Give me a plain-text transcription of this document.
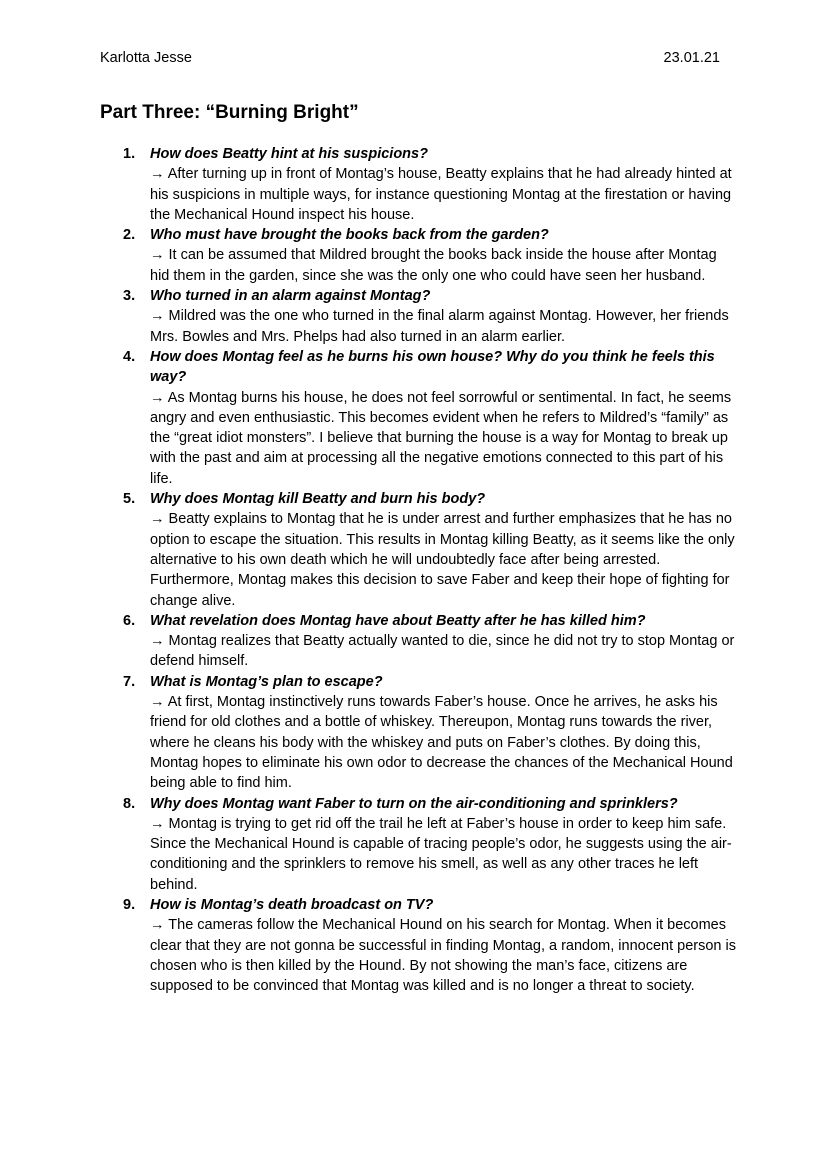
Karlotta Jesse	23.01.21
Part Three: “Burning Bright”
1. How does Beatty hint at his suspicions?
→ After turning up in front of Montag’s house, Beatty explains that he had already hinted at his suspicions in multiple ways, for instance questioning Montag at the firestation or having the Mechanical Hound inspect his house.
2. Who must have brought the books back from the garden?
→ It can be assumed that Mildred brought the books back inside the house after Montag hid them in the garden, since she was the only one who could have seen her husband.
3. Who turned in an alarm against Montag?
→ Mildred was the one who turned in the final alarm against Montag. However, her friends Mrs. Bowles and Mrs. Phelps had also turned in an alarm earlier.
4. How does Montag feel as he burns his own house? Why do you think he feels this way?
→ As Montag burns his house, he does not feel sorrowful or sentimental. In fact, he seems angry and even enthusiastic. This becomes evident when he refers to Mildred’s “family” as the “great idiot monsters”. I believe that burning the house is a way for Montag to break up with the past and aim at processing all the negative emotions connected to this part of his life.
5. Why does Montag kill Beatty and burn his body?
→ Beatty explains to Montag that he is under arrest and further emphasizes that he has no option to escape the situation. This results in Montag killing Beatty, as it seems like the only alternative to his own death which he will undoubtedly face after being arrested. Furthermore, Montag makes this decision to save Faber and keep their hope of fighting for change alive.
6. What revelation does Montag have about Beatty after he has killed him?
→ Montag realizes that Beatty actually wanted to die, since he did not try to stop Montag or defend himself.
7. What is Montag’s plan to escape?
→ At first, Montag instinctively runs towards Faber’s house. Once he arrives, he asks his friend for old clothes and a bottle of whiskey. Thereupon, Montag runs towards the river, where he cleans his body with the whiskey and puts on Faber’s clothes. By doing this, Montag hopes to eliminate his own odor to decrease the chances of the Mechanical Hound being able to find him.
8. Why does Montag want Faber to turn on the air-conditioning and sprinklers?
→ Montag is trying to get rid off the trail he left at Faber’s house in order to keep him safe. Since the Mechanical Hound is capable of tracing people’s odor, he suggests using the air-conditioning and the sprinklers to remove his smell, as well as any other traces he left behind.
9. How is Montag’s death broadcast on TV?
→ The cameras follow the Mechanical Hound on his search for Montag. When it becomes clear that they are not gonna be successful in finding Montag, a random, innocent person is chosen who is then killed by the Hound. By not showing the man’s face, citizens are supposed to be convinced that Montag was killed and is no longer a threat to society.
